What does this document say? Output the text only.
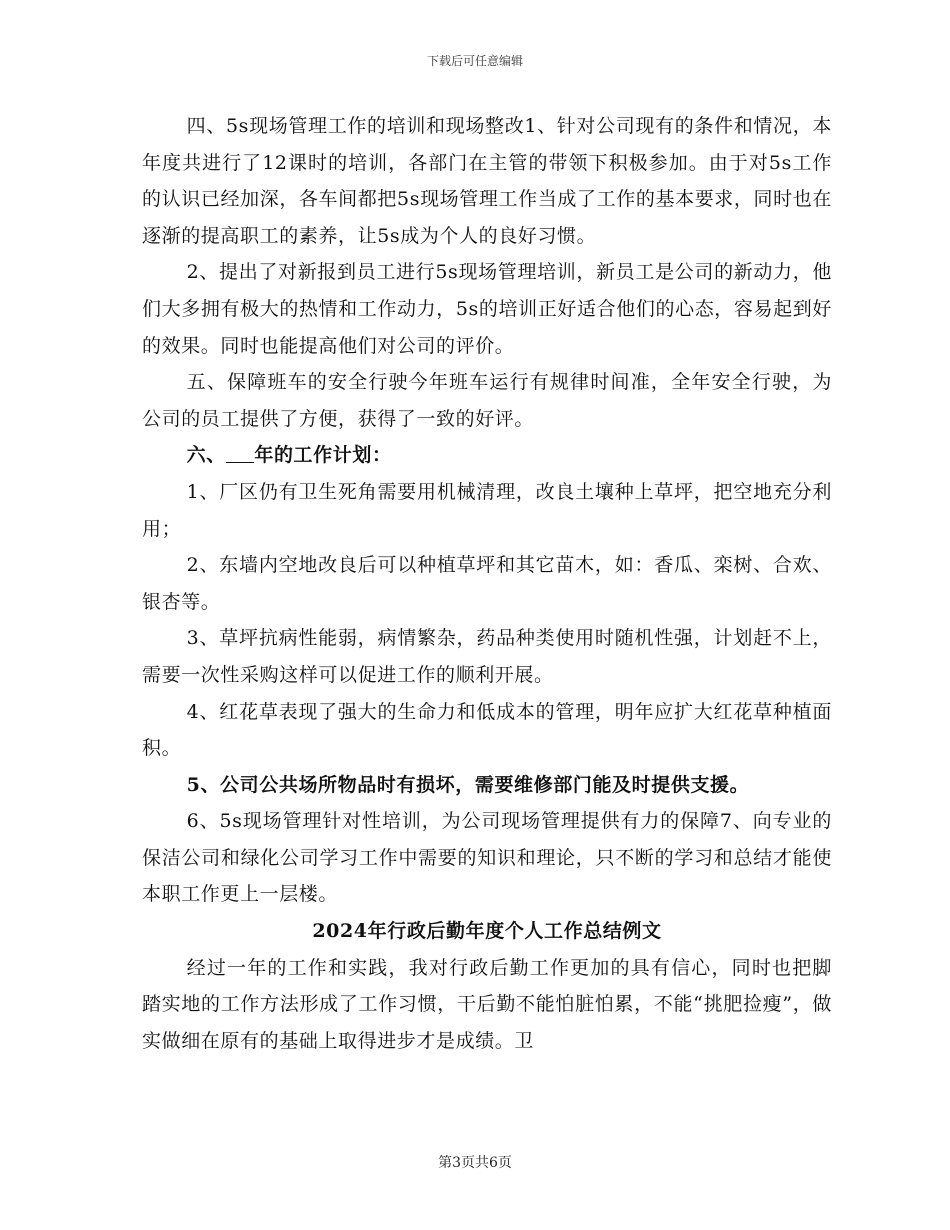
下载后可任意编辑

四、5s现场管理工作的培训和现场整改1、针对公司现有的条件和情况，本年度共进行了12课时的培训，各部门在主管的带领下积极参加。由于对5s工作的认识已经加深，各车间都把5s现场管理工作当成了工作的基本要求，同时也在逐渐的提高职工的素养，让5s成为个人的良好习惯。

2、提出了对新报到员工进行5s现场管理培训，新员工是公司的新动力，他们大多拥有极大的热情和工作动力，5s的培训正好适合他们的心态，容易起到好的效果。同时也能提高他们对公司的评价。

五、保障班车的安全行驶今年班车运行有规律时间准，全年安全行驶，为公司的员工提供了方便，获得了一致的好评。

六、 年的工作计划：

1、厂区仍有卫生死角需要用机械清理，改良土壤种上草坪，把空地充分利用；

2、东墙内空地改良后可以种植草坪和其它苗木，如：香瓜、栾树、合欢、银杏等。

3、草坪抗病性能弱，病情繁杂，药品种类使用时随机性强，计划赶不上，需要一次性采购这样可以促进工作的顺利开展。

4、红花草表现了强大的生命力和低成本的管理，明年应扩大红花草种植面积。

5、公司公共场所物品时有损坏，需要维修部门能及时提供支援。

6、5s现场管理针对性培训，为公司现场管理提供有力的保障7、向专业的保洁公司和绿化公司学习工作中需要的知识和理论，只不断的学习和总结才能使本职工作更上一层楼。

2024年行政后勤年度个人工作总结例文

经过一年的工作和实践，我对行政后勤工作更加的具有信心，同时也把脚踏实地的工作方法形成了工作习惯，干后勤不能怕脏怕累，不能“挑肥捡瘦”，做实做细在原有的基础上取得进步才是成绩。卫

第3页共6页
